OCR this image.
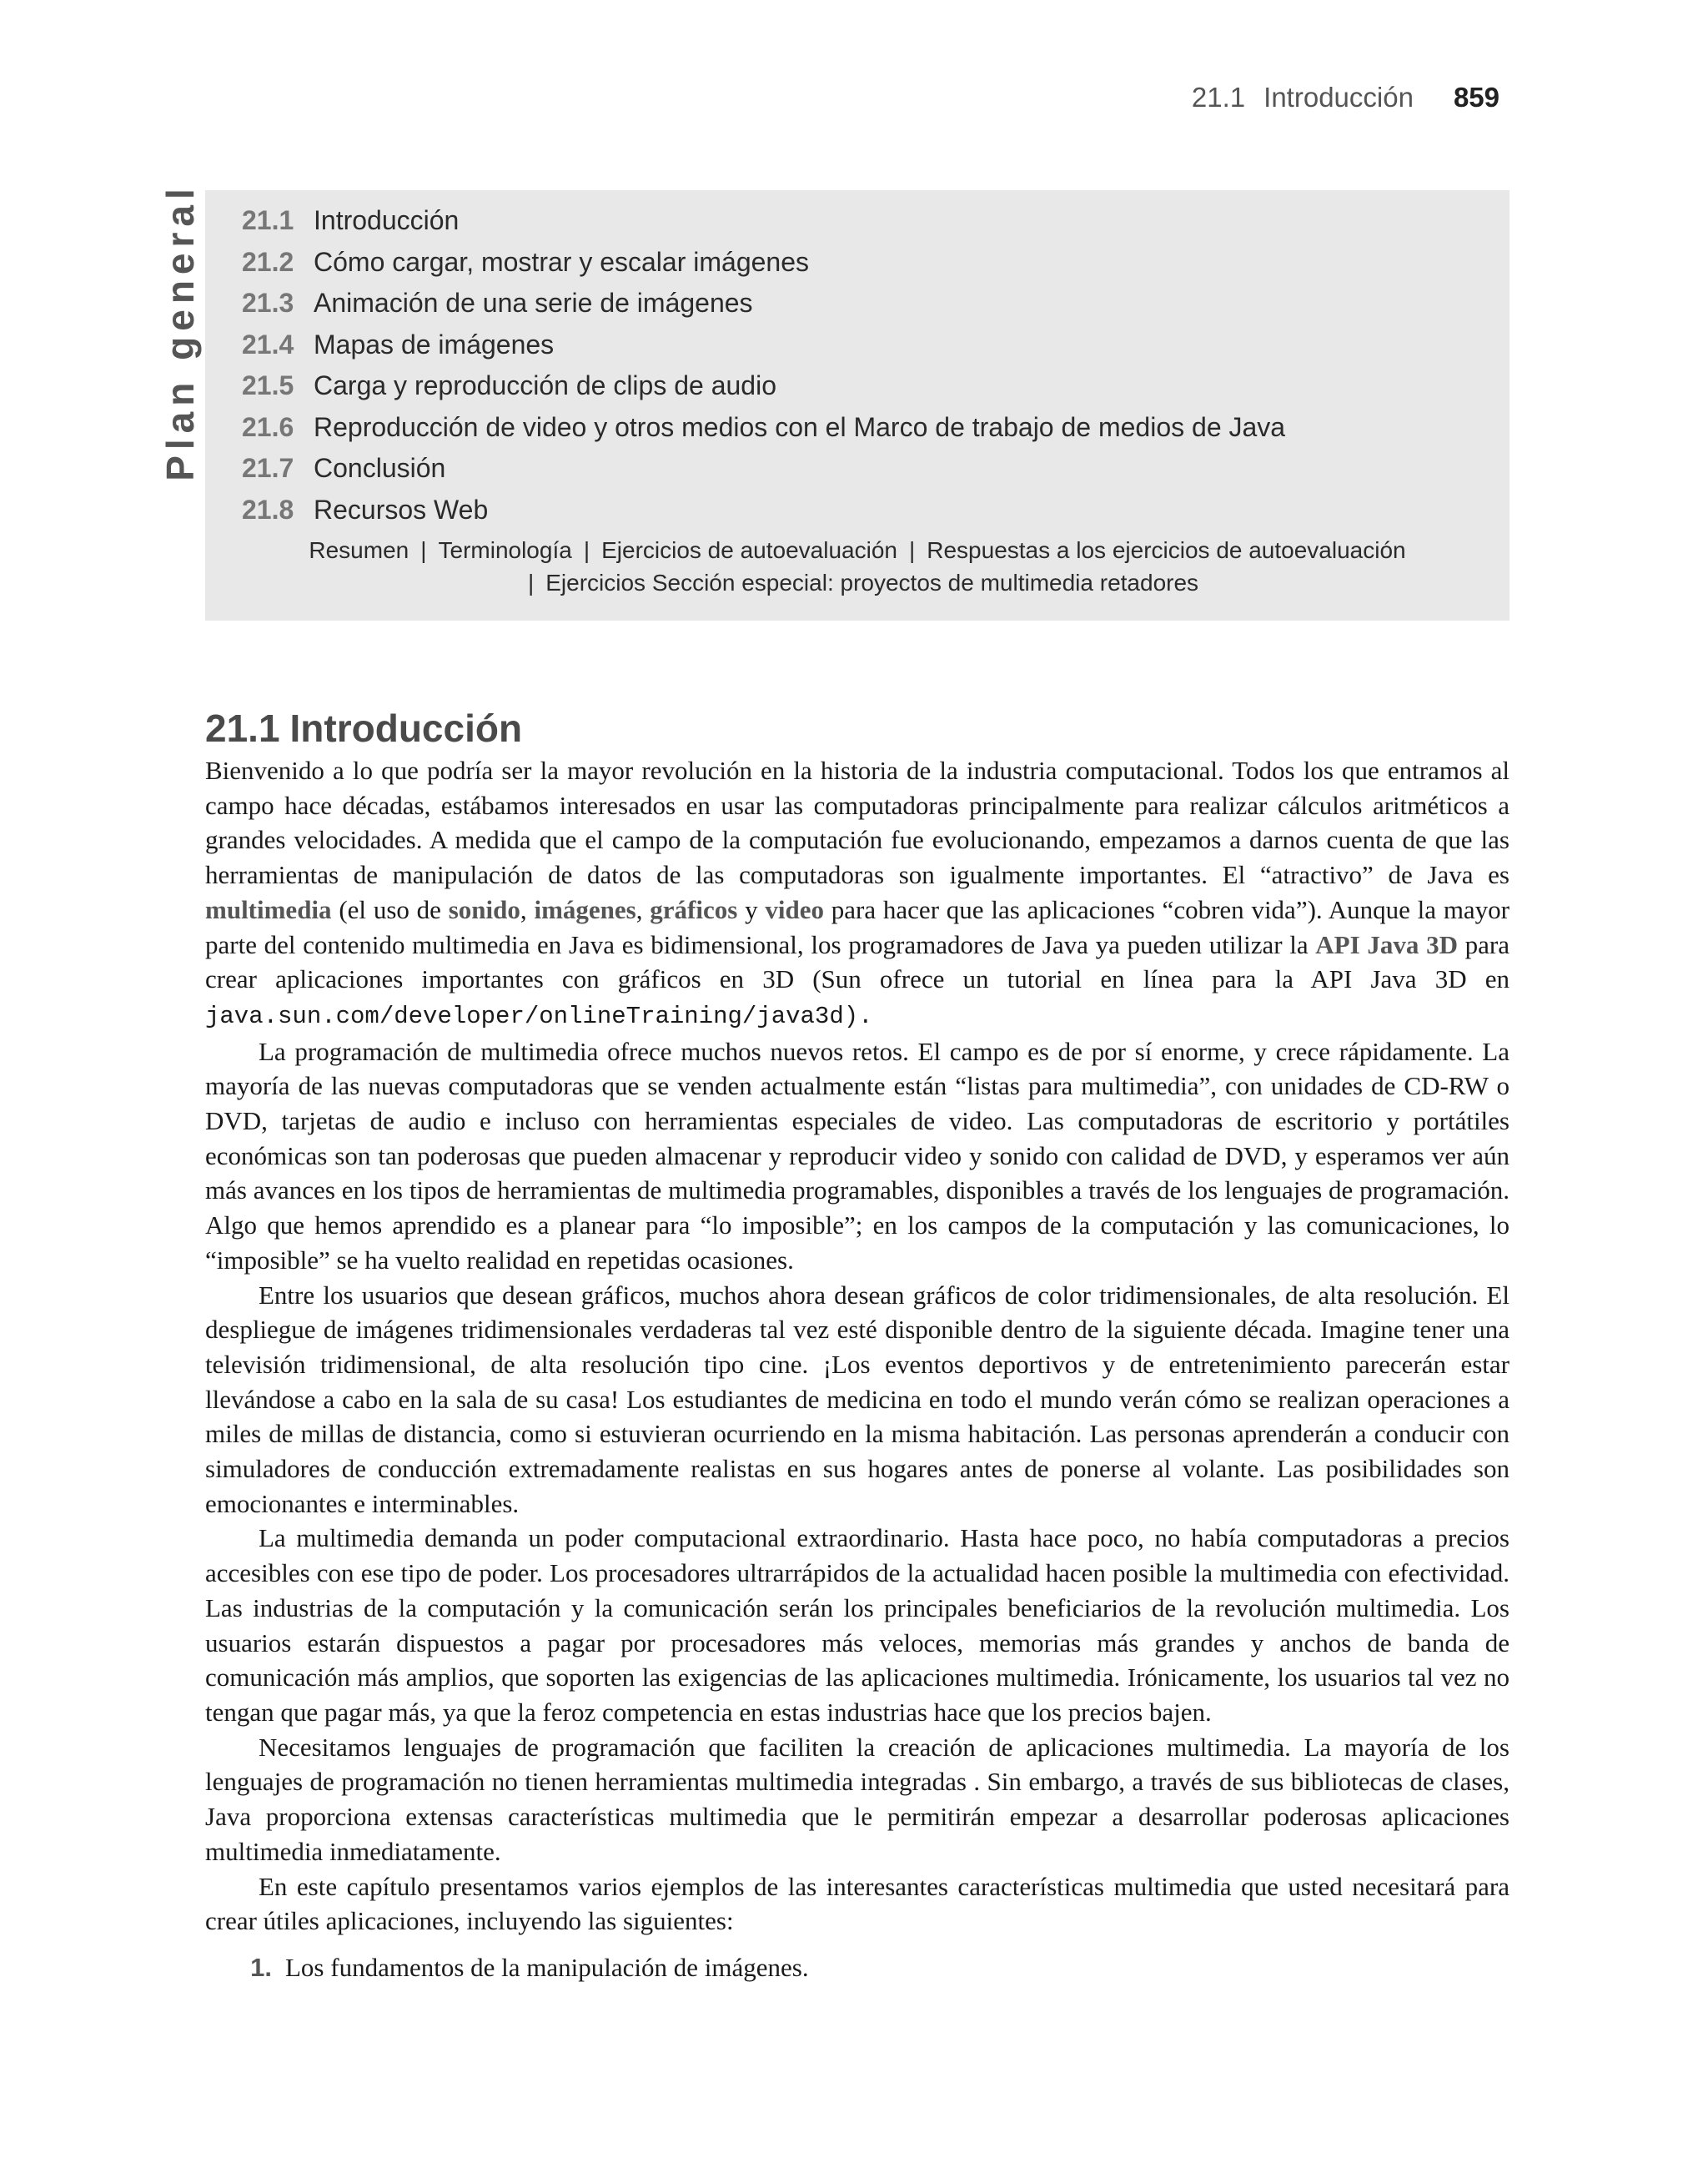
21.1 Introducción 859
Plan general 21.1 Introducción
21.2 Cómo cargar, mostrar y escalar imágenes
21.3 Animación de una serie de imágenes
21.4 Mapas de imágenes
21.5 Carga y reproducción de clips de audio
21.6 Reproducción de video y otros medios con el Marco de trabajo de medios de Java
21.7 Conclusión
21.8 Recursos Web
Resumen | Terminología | Ejercicios de autoevaluación | Respuestas a los ejercicios de autoevaluación
| Ejercicios Sección especial: proyectos de multimedia retadores
21.1 Introducción

Bienvenido a lo que podría ser la mayor revolución en la historia de la industria computacional. Todos los que entramos al campo hace décadas, estábamos interesados en usar las computadoras principalmente para realizar cálculos aritméticos a grandes velocidades. A medida que el campo de la computación fue evolucionando, empezamos a darnos cuenta de que las herramientas de manipulación de datos de las computadoras son igualmente importantes. El “atractivo” de Java es multimedia (el uso de sonido, imágenes, gráficos y video para hacer que las aplicaciones “cobren vida”). Aunque la mayor parte del contenido multimedia en Java es bidimensional, los programadores de Java ya pueden utilizar la API Java 3D para crear aplicaciones importantes con gráficos en 3D (Sun ofrece un tutorial en línea para la API Java 3D en java.sun.com/developer/onlineTraining/java3d).

La programación de multimedia ofrece muchos nuevos retos. El campo es de por sí enorme, y crece rápidamente. La mayoría de las nuevas computadoras que se venden actualmente están “listas para multimedia”, con unidades de CD-RW o DVD, tarjetas de audio e incluso con herramientas especiales de video. Las computadoras de escritorio y portátiles económicas son tan poderosas que pueden almacenar y reproducir video y sonido con calidad de DVD, y esperamos ver aún más avances en los tipos de herramientas de multimedia programables, disponibles a través de los lenguajes de programación. Algo que hemos aprendido es a planear para “lo imposible”; en los campos de la computación y las comunicaciones, lo “imposible” se ha vuelto realidad en repetidas ocasiones.

Entre los usuarios que desean gráficos, muchos ahora desean gráficos de color tridimensionales, de alta resolución. El despliegue de imágenes tridimensionales verdaderas tal vez esté disponible dentro de la siguiente década. Imagine tener una televisión tridimensional, de alta resolución tipo cine. ¡Los eventos deportivos y de entretenimiento parecerán estar llevándose a cabo en la sala de su casa! Los estudiantes de medicina en todo el mundo verán cómo se realizan operaciones a miles de millas de distancia, como si estuvieran ocurriendo en la misma habitación. Las personas aprenderán a conducir con simuladores de conducción extremadamente realistas en sus hogares antes de ponerse al volante. Las posibilidades son emocionantes e interminables.

La multimedia demanda un poder computacional extraordinario. Hasta hace poco, no había computadoras a precios accesibles con ese tipo de poder. Los procesadores ultrarrápidos de la actualidad hacen posible la multimedia con efectividad. Las industrias de la computación y la comunicación serán los principales beneficiarios de la revolución multimedia. Los usuarios estarán dispuestos a pagar por procesadores más veloces, memorias más grandes y anchos de banda de comunicación más amplios, que soporten las exigencias de las aplicaciones multimedia. Irónicamente, los usuarios tal vez no tengan que pagar más, ya que la feroz competencia en estas industrias hace que los precios bajen.

Necesitamos lenguajes de programación que faciliten la creación de aplicaciones multimedia. La mayoría de los lenguajes de programación no tienen herramientas multimedia integradas . Sin embargo, a través de sus bibliotecas de clases, Java proporciona extensas características multimedia que le permitirán empezar a desarrollar poderosas aplicaciones multimedia inmediatamente.

En este capítulo presentamos varios ejemplos de las interesantes características multimedia que usted necesitará para crear útiles aplicaciones, incluyendo las siguientes:

1. Los fundamentos de la manipulación de imágenes.
